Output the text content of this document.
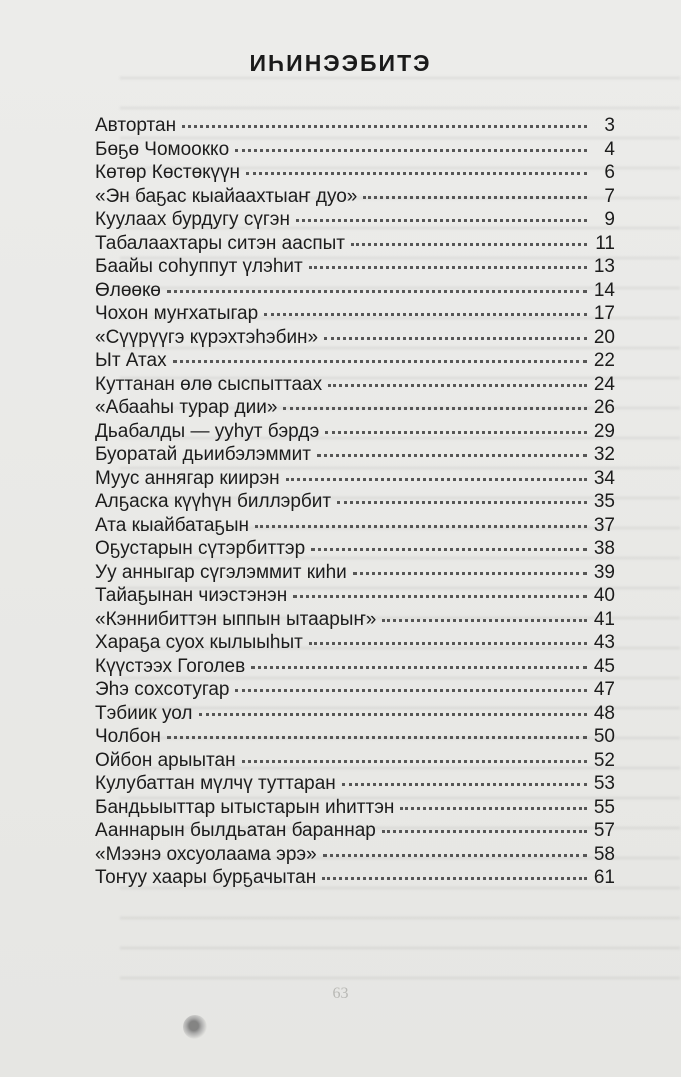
ИҺИНЭЭБИТЭ
Автортан	3
Бөҕө Чомоокко	4
Көтөр Көстөкүүн	6
«Эн баҕас кыайаахтыаҥ дуо»	7
Куулаах бурдугу сүгэн	9
Табалаахтары ситэн ааспыт	11
Баайы соһуппут үлэһит	13
Өлөөкө	14
Чохон муҥхатыгар	17
«Сүүрүүгэ күрэхтэһэбин»	20
Ыт Атах	22
Куттанан өлө сыспыттаах	24
«Абааһы турар дии»	26
Дьабалды — ууһут бэрдэ	29
Буоратай дьиибэлэммит	32
Муус аннягар киирэн	34
Алҕаска күүһүн биллэрбит	35
Ата кыайбатаҕын	37
Оҕустарын сүтэрбиттэр	38
Уу анныгар сүгэлэммит киһи	39
Тайаҕынан чиэстэнэн	40
«Кэннибиттэн ыппын ытаарыҥ»	41
Хараҕа суох кылыыһыт	43
Күүстээх Гоголев	45
Эһэ сохсотугар	47
Тэбиик уол	48
Чолбон	50
Ойбон арыытан	52
Кулубаттан мүлчү туттаран	53
Бандьыыттар ытыстарын иһиттэн	55
Ааннарын былдьатан бараннар	57
«Мээнэ охсуолаама эрэ»	58
Тоҥуу хаары бурҕачытан	61
63
